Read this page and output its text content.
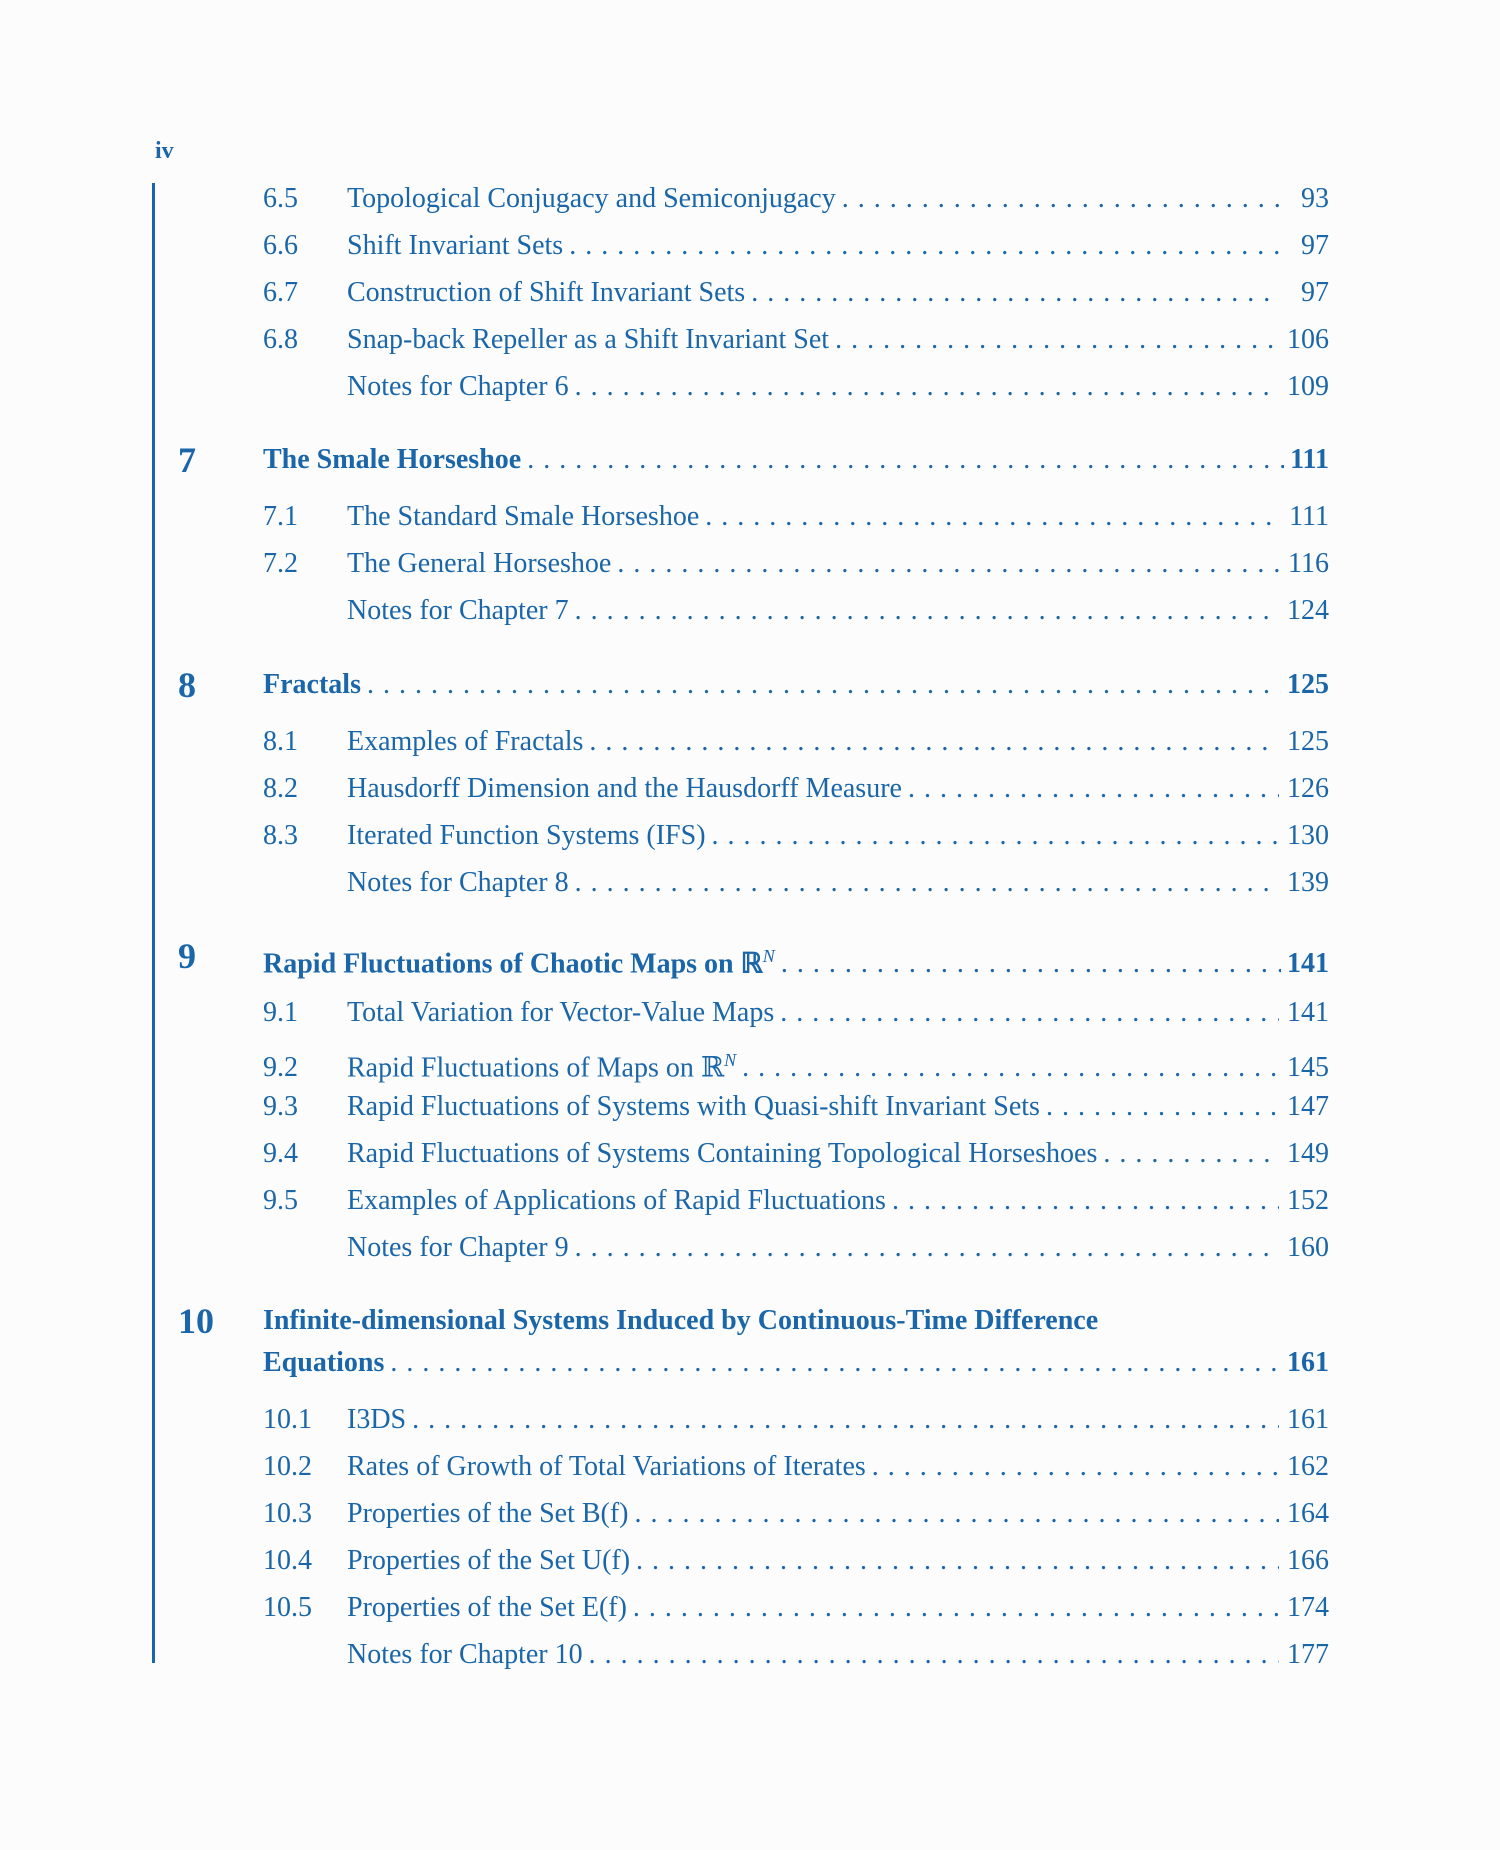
iv
6.5	Topological Conjugacy and Semiconjugacy . . .	93
6.6	Shift Invariant Sets . . .	97
6.7	Construction of Shift Invariant Sets . . .	97
6.8	Snap-back Repeller as a Shift Invariant Set . . .	106
Notes for Chapter 6 . . .	109
7 The Smale Horseshoe . . .	111
7.1	The Standard Smale Horseshoe . . .	111
7.2	The General Horseshoe . . .	116
Notes for Chapter 7 . . .	124
8 Fractals . . .	125
8.1	Examples of Fractals . . .	125
8.2	Hausdorff Dimension and the Hausdorff Measure . . .	126
8.3	Iterated Function Systems (IFS) . . .	130
Notes for Chapter 8 . . .	139
9 Rapid Fluctuations of Chaotic Maps on ℝ$^N$ . . .	141
9.1	Total Variation for Vector-Value Maps . . .	141
9.2	Rapid Fluctuations of Maps on ℝ$^N$ . . .	145
9.3	Rapid Fluctuations of Systems with Quasi-shift Invariant Sets . . .	147
9.4	Rapid Fluctuations of Systems Containing Topological Horseshoes . . .	149
9.5	Examples of Applications of Rapid Fluctuations . . .	152
Notes for Chapter 9 . . .	160
10 Infinite-dimensional Systems Induced by Continuous-Time Difference
Equations . . .	161
10.1	I3DS . . .	161
10.2	Rates of Growth of Total Variations of Iterates . . .	162
10.3	Properties of the Set B(f) . . .	164
10.4	Properties of the Set U(f) . . .	166
10.5	Properties of the Set E(f) . . .	174
Notes for Chapter 10 . . .	177
